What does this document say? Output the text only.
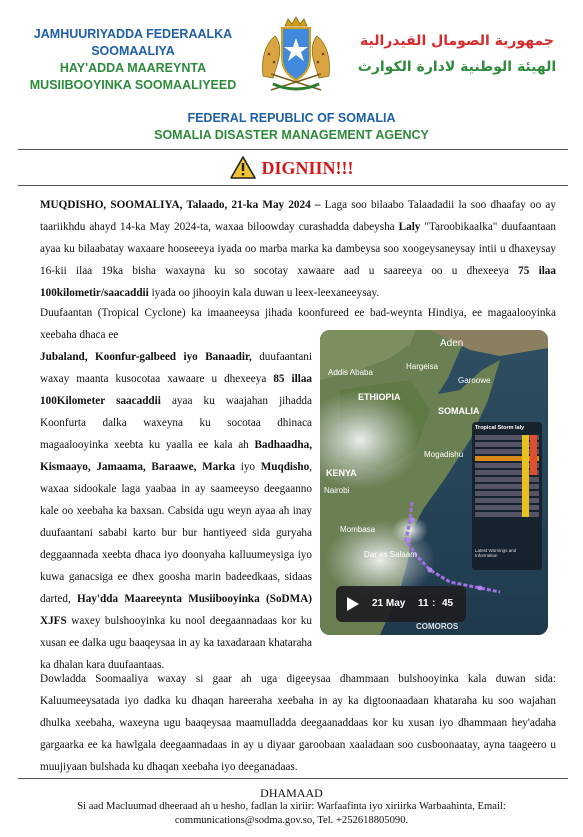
JAMHUURIYADDA FEDERAALKA
SOOMAALIYA
HAY'ADDA MAAREYNTA
MUSIIBOOYINKA SOOMAALIYEED
جمهورية الصومال الفيدرالية
الهيئة الوطنية لادارة الكوارث
FEDERAL REPUBLIC OF SOMALIA
SOMALIA DISASTER MANAGEMENT AGENCY
DIGNIIN!!!
MUQDISHO, SOOMALIYA, Talaado, 21-ka May 2024 – Laga soo bilaabo Talaadadii la soo dhaafay oo ay taariikhdu ahayd 14-ka May 2024-ta, waxaa biloowday curashadda dabeysha Laly "Taroobikaalka" duufaantaan ayaa ku bilaabatay waxaare hooseeeya iyada oo marba marka ka dambeysa soo xoogeysaneysay intii u dhaxeysay 16-kii ilaa 19ka bisha waxayna ku so socotay xawaare aad u saareeya oo u dhexeeya 75 ilaa 100kilometir/saacaddii iyada oo jihooyin kala duwan u leex-leexaneeysay.
Duufaantan (Tropical Cyclone) ka imaaneeysa jihada koonfureed ee bad-weynta Hindiya, ee magaalooyinka xeebaha dhaca ee
Jubaland, Koonfur-galbeed iyo Banaadir, duufaantani waxay maanta kusocotaa xawaare u dhexeeya 85 illaa 100Kilometer saacaddii ayaa ku waajahan jihadda Koonfurta dalka waxeyna ku socotaa dhinaca magaalooyinka xeebta ku yaalla ee kala ah Badhaadha, Kismaayo, Jamaama, Baraawe, Marka iyo Muqdisho, waxaa sidookale laga yaabaa in ay saameeyso deegaanno kale oo xeebaha ka baxsan. Cabsida ugu weyn ayaa ah inay duufaantani sababi karto bur bur hantiyeed sida guryaha deggaannada xeebta dhaca iyo doonyaha kalluumeysiga iyo kuwa ganacsiga ee dhex goosha marin badeedkaas, sidaas darted, Hay'dda Maareeynta Musiibooyinka (SoDMA) XJFS waxey bulshooyinka ku nool deegaannadaas kor ku xusan ee dalka ugu baaqeysaa in ay ka taxadaraan khataraha ka dhalan kara duufaantaas.
Aden
Addis Ababa
Hargeisa
ETHIOPIA
Garoowe
SOMALIA
Mogadishu
KENYA
Nairobi
Mombasa
Dar es Salaam
COMOROS
Tropical Storm laly
Latest Warnings and Information
21 May 11 : 45
Dowladda Soomaaliya waxay si gaar ah uga digeeysaa dhammaan bulshooyinka kala duwan sida: Kaluumeeysatada iyo dadka ku dhaqan hareeraha xeebaha in ay ka digtoonaadaan khataraha ku soo wajahan dhulka xeebaha, waxeyna ugu baaqeysaa maamulladda deegaanaddaas kor ku xusan iyo dhammaan hey'adaha gargaarka ee ka hawlgala deegaannadaas in ay u diyaar garoobaan xaaladaan soo cusboonaatay, ayna taageero u muujiyaan bulshada ku dhaqan xeebaha iyo deeganadaas.
DHAMAAD
Si aad Macluumad dheeraad ah u hesho, fadlan la xiriir: Warfaafinta iyo xiriirka Warbaahinta, Email:
communications@sodma.gov.so, Tel. +252618805090.
